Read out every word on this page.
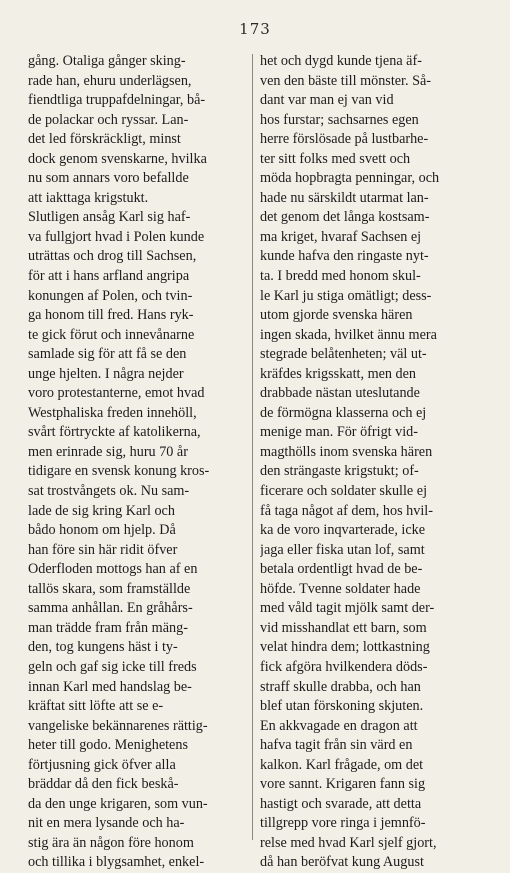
173
gång. Otaliga gånger sking-
rade han, ehuru underlägsen,
fiendtliga truppafdelningar, bå-
de polackar och ryssar. Lan-
det led förskräckligt, minst
dock genom svenskarne, hvilka
nu som annars voro befallde
att iakttaga krigstukt.
Slutligen ansåg Karl sig haf-
va fullgjort hvad i Polen kunde
uträttas och drog till Sachsen,
för att i hans arfland angripa
konungen af Polen, och tvin-
ga honom till fred. Hans ryk-
te gick förut och innevånarne
samlade sig för att få se den
unge hjelten. I några nejder
voro protestanterne, emot hvad
Westphaliska freden innehöll,
svårt förtryckte af katolikerna,
men erinrade sig, huru 70 år
tidigare en svensk konung kros-
sat trostvångets ok. Nu sam-
lade de sig kring Karl och
bådo honom om hjelp. Då
han före sin här ridit öfver
Oderfloden mottogs han af en
tallös skara, som framställde
samma anhållan. En gråhårs-
man trädde fram från mäng-
den, tog kungens häst i ty-
geln och gaf sig icke till freds
innan Karl med handslag be-
kräftat sitt löfte att se e-
vangeliske bekännarenes rättig-
heter till godo. Menighetens
förtjusning gick öfver alla
bräddar då den fick beskå-
da den unge krigaren, som vun-
nit en mera lysande och ha-
stig ära än någon före honom
och tillika i blygsamhet, enkel-
het och dygd kunde tjena äf-
ven den bäste till mönster. Så-
dant var man ej van vid
hos furstar; sachsarnes egen
herre förslösade på lustbarhe-
ter sitt folks med svett och
möda hopbragta penningar, och
hade nu särskildt utarmat lan-
det genom det långa kostsam-
ma kriget, hvaraf Sachsen ej
kunde hafva den ringaste nyt-
ta. I bredd med honom skul-
le Karl ju stiga omätligt; dess-
utom gjorde svenska hären
ingen skada, hvilket ännu mera
stegrade belåtenheten; väl ut-
kräfdes krigsskatt, men den
drabbade nästan uteslutande
de förmögna klasserna och ej
menige man. För öfrigt vid-
magthölls inom svenska hären
den strängaste krigstukt; of-
ficerare och soldater skulle ej
få taga något af dem, hos hvil-
ka de voro inqvarterade, icke
jaga eller fiska utan lof, samt
betala ordentligt hvad de be-
höfde. Tvenne soldater hade
med våld tagit mjölk samt der-
vid misshandlat ett barn, som
velat hindra dem; lottkastning
fick afgöra hvilkendera döds-
straff skulle drabba, och han
blef utan förskoning skjuten.
En akkvagade en dragon att
hafva tagit från sin värd en
kalkon. Karl frågade, om det
vore sannt. Krigaren fann sig
hastigt och svarade, att detta
tillgrepp vore ringa i jemnfö-
relse med hvad Karl sjelf gjort,
då han beröfvat kung August
